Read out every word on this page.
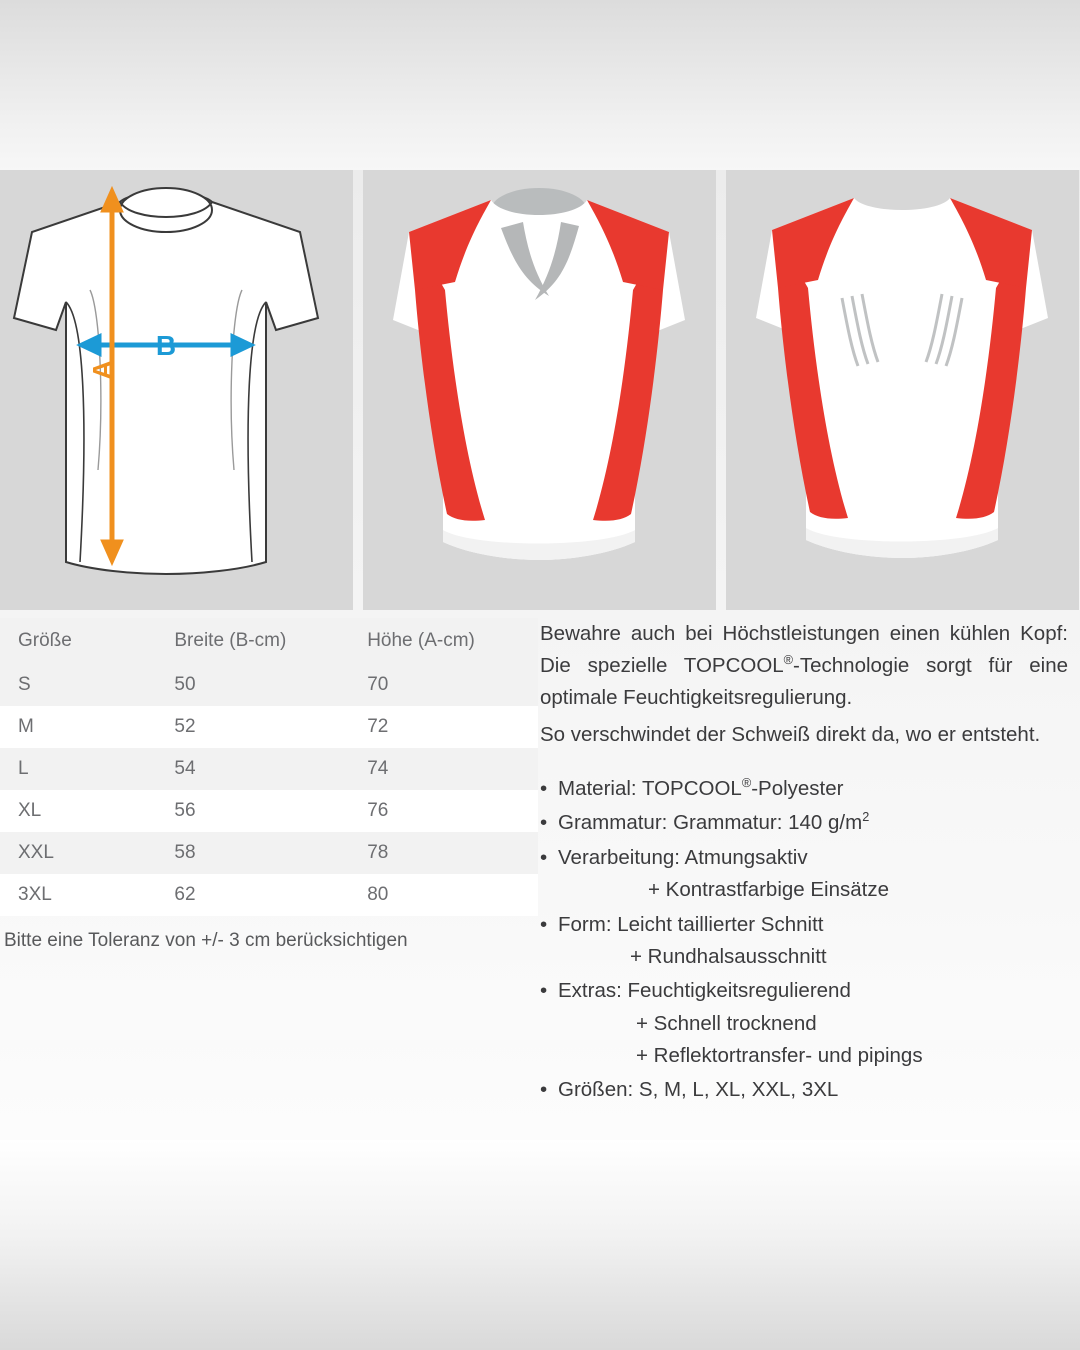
B
A
Größe	Breite (B-cm)	Höhe (A-cm)
S	50	70
M	52	72
L	54	74
XL	56	76
XXL	58	78
3XL	62	80
Bitte eine Toleranz von +/- 3 cm berücksichtigen

Bewahre auch bei Höchstleistungen einen kühlen Kopf: Die spezielle TOPCOOL®-Technologie sorgt für eine optimale Feuchtigkeitsregulierung.

So verschwindet der Schweiß direkt da, wo er entsteht.

• Material: TOPCOOL®-Polyester
• Grammatur: Grammatur: 140 $g/m^2$
• Verarbeitung: Atmungsaktiv
+ Kontrastfarbige Einsätze
• Form: Leicht taillierter Schnitt
+ Rundhalsausschnitt
• Extras: Feuchtigkeitsregulierend
+ Schnell trocknend
+ Reflektortransfer- und pipings
• Größen: S, M, L, XL, XXL, 3XL
